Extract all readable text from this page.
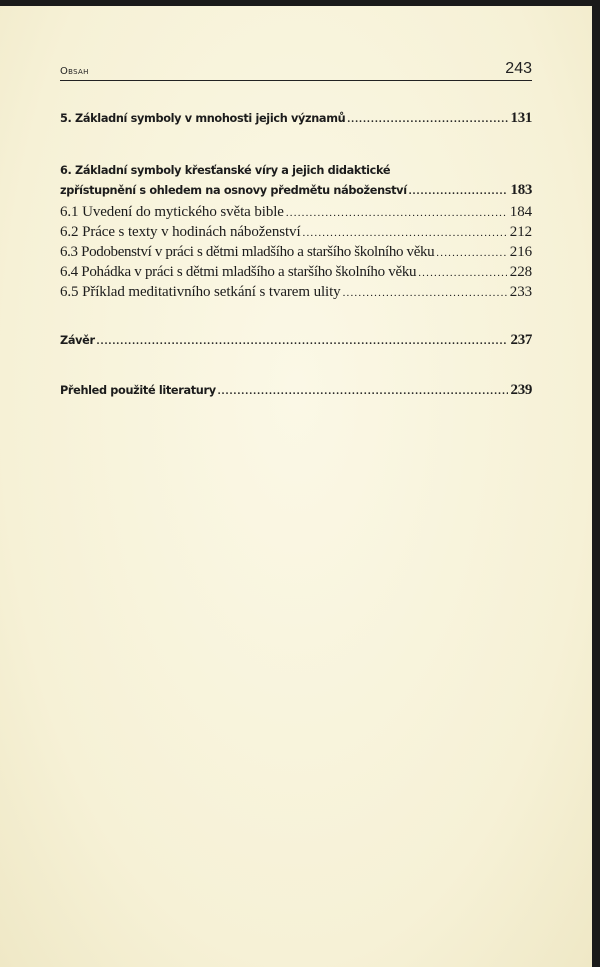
Obsah	243
5. Základní symboly v mnohosti jejich významů .....	131
6. Základní symboly křesťanské víry a jejich didaktické
zpřístupnění s ohledem na osnovy předmětu náboženství .....	183
6.1 Uvedení do mytického světa bible .....	184
6.2 Práce s texty v hodinách náboženství .....	212
6.3 Podobenství v práci s dětmi mladšího a staršího školního věku .....	216
6.4 Pohádka v práci s dětmi mladšího a staršího školního věku .....	228
6.5 Příklad meditativního setkání s tvarem ulity .....	233
Závěr .....	237
Přehled použité literatury .....	239
